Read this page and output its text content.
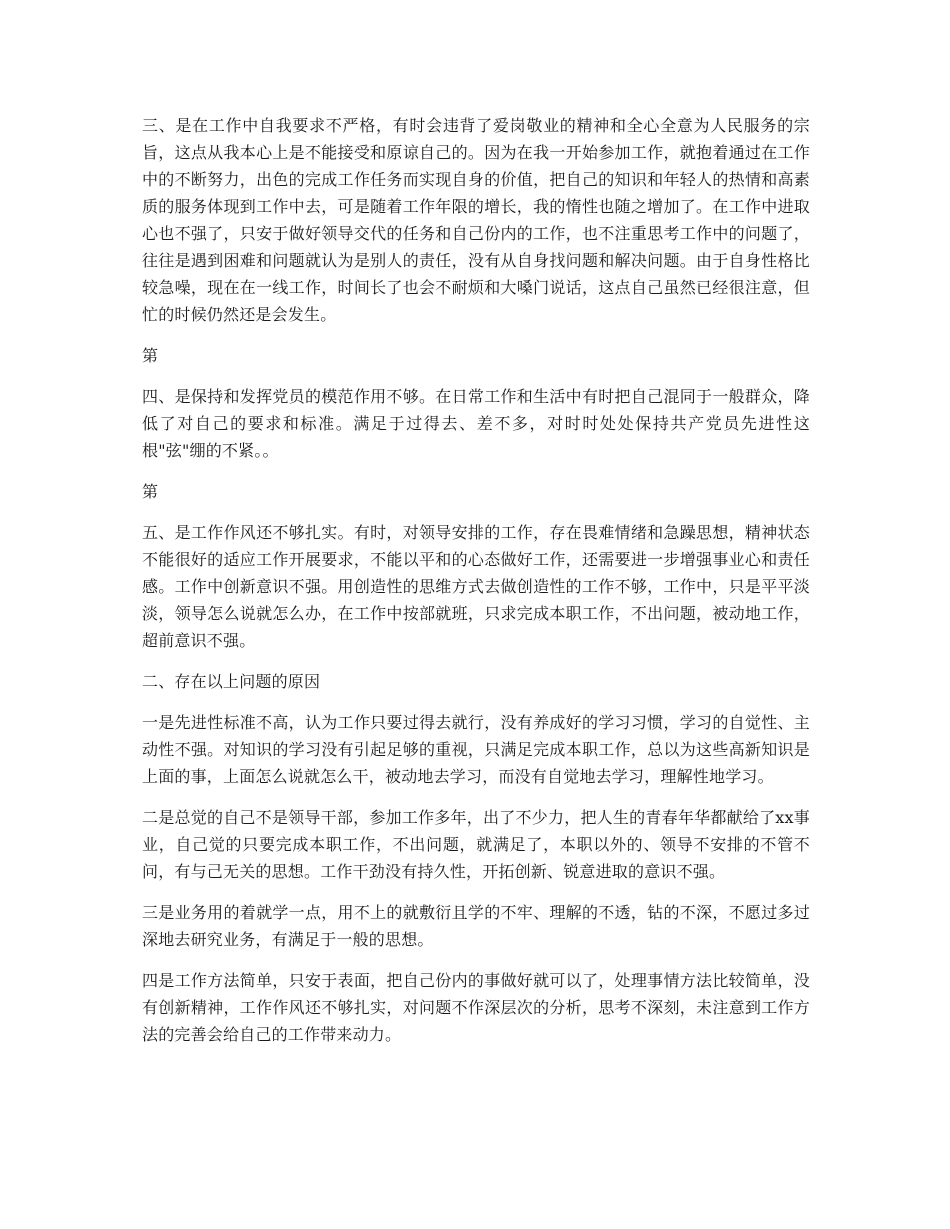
三、是在工作中自我要求不严格，有时会违背了爱岗敬业的精神和全心全意为人民服务的宗旨，这点从我本心上是不能接受和原谅自己的。因为在我一开始参加工作，就抱着通过在工作中的不断努力，出色的完成工作任务而实现自身的价值，把自己的知识和年轻人的热情和高素质的服务体现到工作中去，可是随着工作年限的增长，我的惰性也随之增加了。在工作中进取心也不强了，只安于做好领导交代的任务和自己份内的工作，也不注重思考工作中的问题了，往往是遇到困难和问题就认为是别人的责任，没有从自身找问题和解决问题。由于自身性格比较急噪，现在在一线工作，时间长了也会不耐烦和大嗓门说话，这点自己虽然已经很注意，但忙的时候仍然还是会发生。

第

四、是保持和发挥党员的模范作用不够。在日常工作和生活中有时把自己混同于一般群众，降低了对自己的要求和标准。满足于过得去、差不多，对时时处处保持共产党员先进性这根"弦"绷的不紧。。

第

五、是工作作风还不够扎实。有时，对领导安排的工作，存在畏难情绪和急躁思想，精神状态不能很好的适应工作开展要求，不能以平和的心态做好工作，还需要进一步增强事业心和责任感。工作中创新意识不强。用创造性的思维方式去做创造性的工作不够，工作中，只是平平淡淡，领导怎么说就怎么办，在工作中按部就班，只求完成本职工作，不出问题，被动地工作，超前意识不强。

二、存在以上问题的原因

一是先进性标准不高，认为工作只要过得去就行，没有养成好的学习习惯，学习的自觉性、主动性不强。对知识的学习没有引起足够的重视，只满足完成本职工作，总以为这些高新知识是上面的事，上面怎么说就怎么干，被动地去学习，而没有自觉地去学习，理解性地学习。

二是总觉的自己不是领导干部，参加工作多年，出了不少力，把人生的青春年华都献给了xx事业，自己觉的只要完成本职工作，不出问题，就满足了，本职以外的、领导不安排的不管不问，有与己无关的思想。工作干劲没有持久性，开拓创新、锐意进取的意识不强。

三是业务用的着就学一点，用不上的就敷衍且学的不牢、理解的不透，钻的不深，不愿过多过深地去研究业务，有满足于一般的思想。

四是工作方法简单，只安于表面，把自己份内的事做好就可以了，处理事情方法比较简单，没有创新精神，工作作风还不够扎实，对问题不作深层次的分析，思考不深刻，未注意到工作方法的完善会给自己的工作带来动力。
